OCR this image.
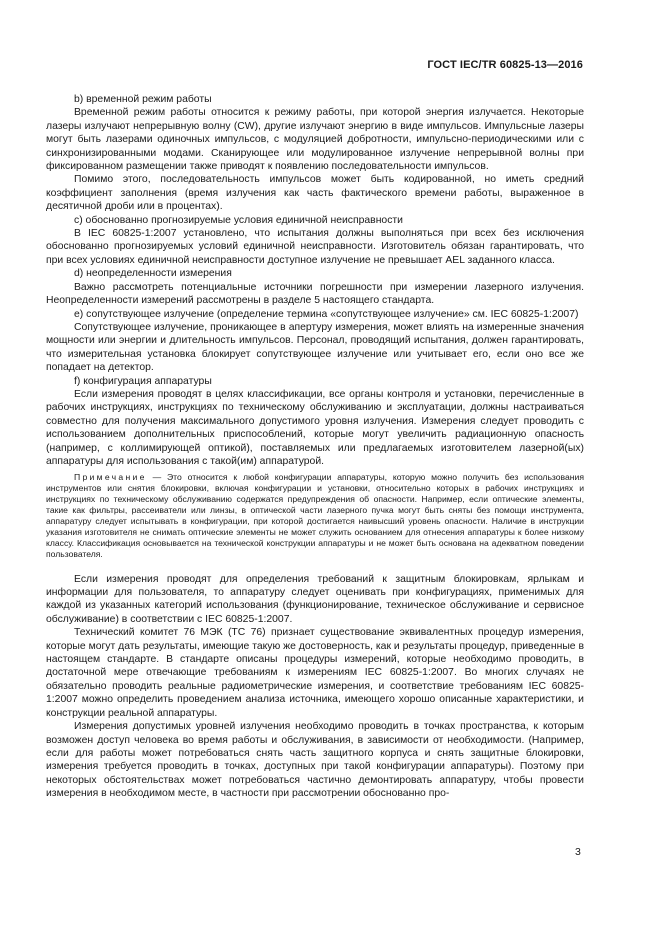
ГОСТ IEC/TR 60825-13—2016

b) временной режим работы

Временной режим работы относится к режиму работы, при которой энергия излучается. Некоторые лазеры излучают непрерывную волну (CW), другие излучают энергию в виде импульсов. Импульсные лазеры могут быть лазерами одиночных импульсов, с модуляцией добротности, импульсно-периодическими или с синхронизированными модами. Сканирующее или модулированное излучение непрерывной волны при фиксированном размещении также приводят к появлению последовательности импульсов.

Помимо этого, последовательность импульсов может быть кодированной, но иметь средний коэффициент заполнения (время излучения как часть фактического времени работы, выраженное в десятичной дроби или в процентах).

c) обоснованно прогнозируемые условия единичной неисправности

В IEC 60825-1:2007 установлено, что испытания должны выполняться при всех без исключения обоснованно прогнозируемых условий единичной неисправности. Изготовитель обязан гарантировать, что при всех условиях единичной неисправности доступное излучение не превышает AEL заданного класса.

d) неопределенности измерения

Важно рассмотреть потенциальные источники погрешности при измерении лазерного излучения. Неопределенности измерений рассмотрены в разделе 5 настоящего стандарта.

e) сопутствующее излучение (определение термина «сопутствующее излучение» см. IEC 60825-1:2007)

Сопутствующее излучение, проникающее в апертуру измерения, может влиять на измеренные значения мощности или энергии и длительность импульсов. Персонал, проводящий испытания, должен гарантировать, что измерительная установка блокирует сопутствующее излучение или учитывает его, если оно все же попадает на детектор.

f) конфигурация аппаратуры

Если измерения проводят в целях классификации, все органы контроля и установки, перечисленные в рабочих инструкциях, инструкциях по техническому обслуживанию и эксплуатации, должны настраиваться совместно для получения максимального допустимого уровня излучения. Измерения следует проводить с использованием дополнительных приспособлений, которые могут увеличить радиационную опасность (например, с коллимирующей оптикой), поставляемых или предлагаемых изготовителем лазерной(ых) аппаратуры для использования с такой(им) аппаратурой.

Примечание — Это относится к любой конфигурации аппаратуры, которую можно получить без использования инструментов или снятия блокировки, включая конфигурации и установки, относительно которых в рабочих инструкциях и инструкциях по техническому обслуживанию содержатся предупреждения об опасности. Например, если оптические элементы, такие как фильтры, рассеиватели или линзы, в оптической части лазерного пучка могут быть сняты без помощи инструмента, аппаратуру следует испытывать в конфигурации, при которой достигается наивысший уровень опасности. Наличие в инструкции указания изготовителя не снимать оптические элементы не может служить основанием для отнесения аппаратуры к более низкому классу. Классификация основывается на технической конструкции аппаратуры и не может быть основана на адекватном поведении пользователя.

Если измерения проводят для определения требований к защитным блокировкам, ярлыкам и информации для пользователя, то аппаратуру следует оценивать при конфигурациях, применимых для каждой из указанных категорий использования (функционирование, техническое обслуживание и сервисное обслуживание) в соответствии с IEC 60825-1:2007.

Технический комитет 76 МЭК (ТС 76) признает существование эквивалентных процедур измерения, которые могут дать результаты, имеющие такую же достоверность, как и результаты процедур, приведенные в настоящем стандарте. В стандарте описаны процедуры измерений, которые необходимо проводить, в достаточной мере отвечающие требованиям к измерениям IEC 60825-1:2007. Во многих случаях не обязательно проводить реальные радиометрические измерения, и соответствие требованиям IEC 60825-1:2007 можно определить проведением анализа источника, имеющего хорошо описанные характеристики, и конструкции реальной аппаратуры.

Измерения допустимых уровней излучения необходимо проводить в точках пространства, к которым возможен доступ человека во время работы и обслуживания, в зависимости от необходимости. (Например, если для работы может потребоваться снять часть защитного корпуса и снять защитные блокировки, измерения требуется проводить в точках, доступных при такой конфигурации аппаратуры). Поэтому при некоторых обстоятельствах может потребоваться частично демонтировать аппаратуру, чтобы провести измерения в необходимом месте, в частности при рассмотрении обоснованно про-

3
